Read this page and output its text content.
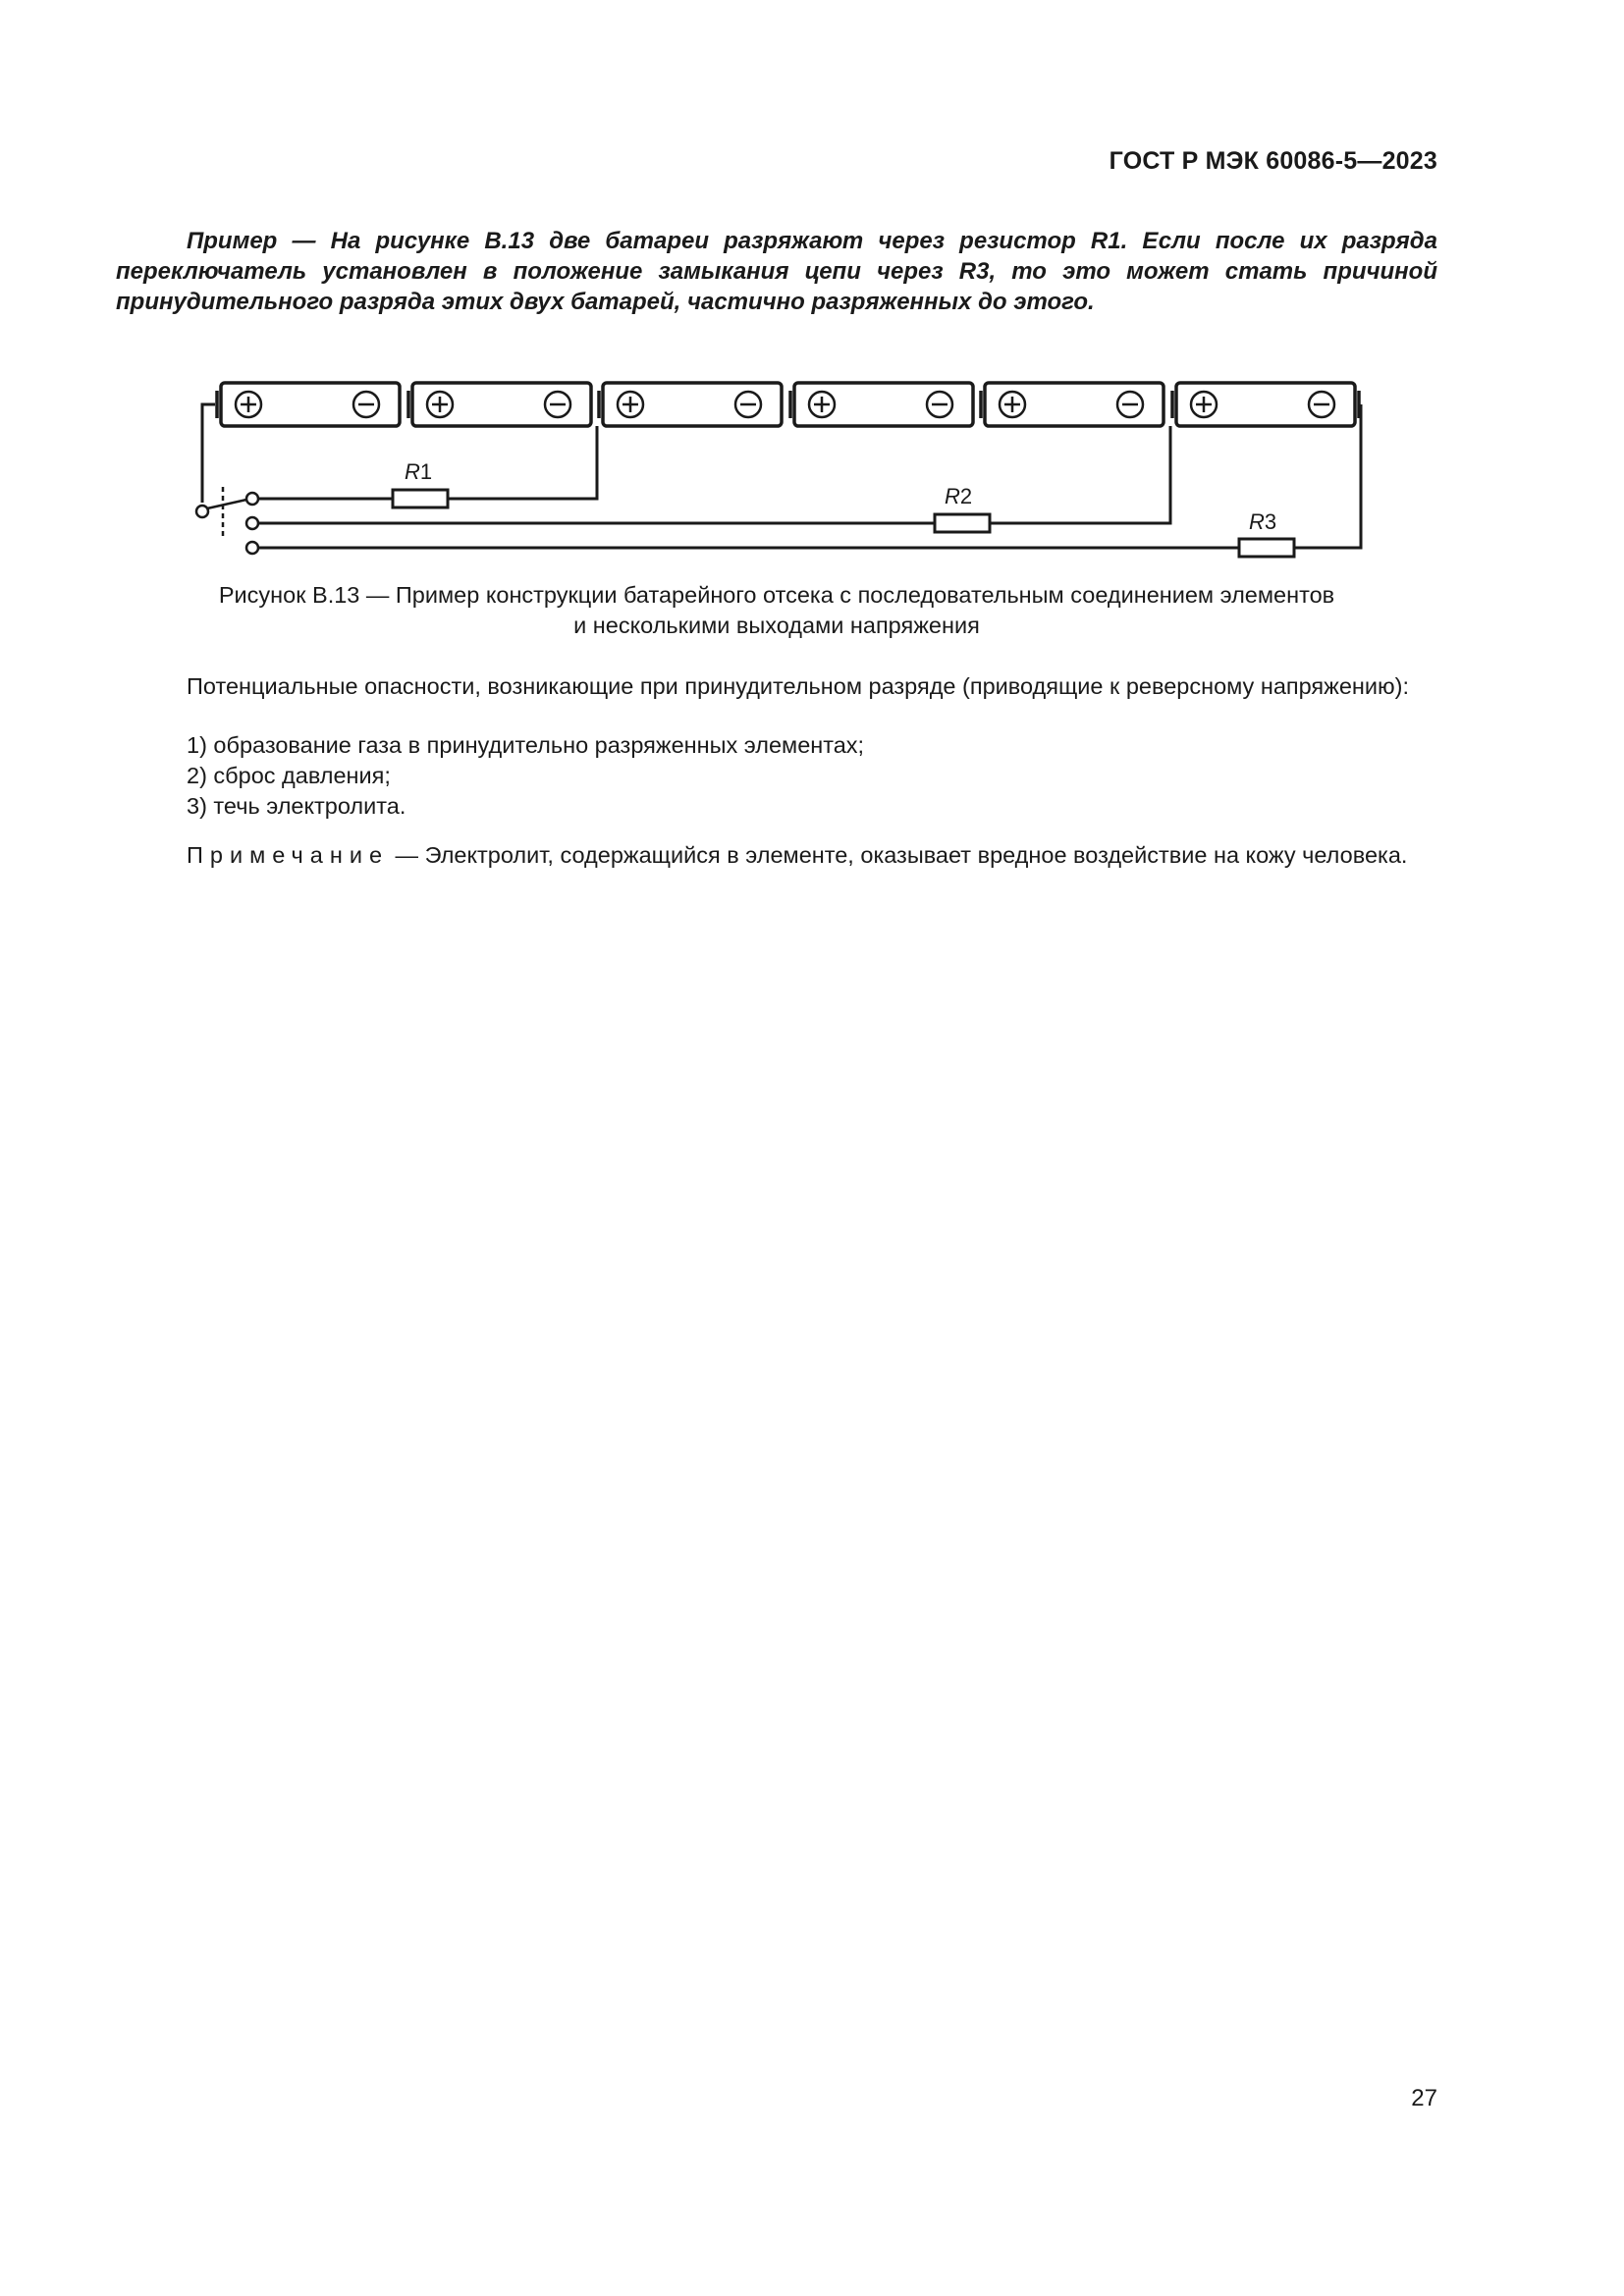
ГОСТ Р МЭК 60086-5—2023

Пример — На рисунке В.13 две батареи разряжают через резистор R1. Если после их разряда переключатель установлен в положение замыкания цепи через R3, то это может стать причиной принудительного разряда этих двух батарей, частично разряженных до этого.

R1
R2
R3
Рисунок В.13 — Пример конструкции батарейного отсека с последовательным соединением элементов
и несколькими выходами напряжения

Потенциальные опасности, возникающие при принудительном разряде (приводящие к реверсному напряжению):

1) образование газа в принудительно разряженных элементах;
2) сброс давления;
3) течь электролита.

Примечание — Электролит, содержащийся в элементе, оказывает вредное воздействие на кожу человека.

27
